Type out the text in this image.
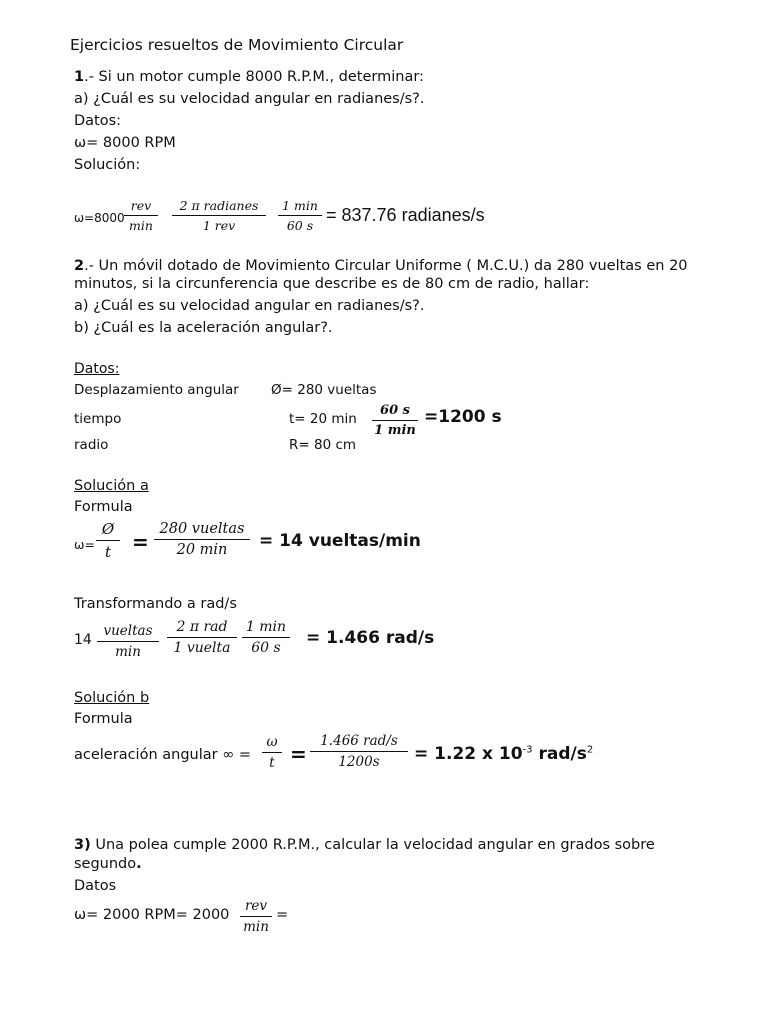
Ejercicios resueltos de Movimiento Circular
1.- Si un motor cumple 8000 R.P.M., determinar:
a) ¿Cuál es su velocidad angular en radianes/s?.
Datos:
ω= 8000 RPM
Solución:
ω=8000
rev
min
2 π radianes
1 rev
1 min
60 s
= 837.76 radianes/s
2.- Un móvil dotado de Movimiento Circular Uniforme ( M.C.U.) da 280 vueltas en 20
minutos, si la circunferencia que describe es de 80 cm de radio, hallar:
a) ¿Cuál es su velocidad angular en radianes/s?.
b) ¿Cuál es la aceleración angular?.
Datos:
Desplazamiento angular Ø= 280 vueltas
tiempo	t= 20 min
60 s
1 min
=1200 s
radio	R= 80 cm
Solución a
Formula
$\omega= \frac{Ø}{t}$ =
280 vueltas
20 min	= 14 vueltas/min
Transformando a rad/s
14
vueltas
min
2 π rad
1 vuelta
1 min
60 s	= 1.466 rad/s
Solución b
Formula
aceleración angular ∞ = $\frac{\omega}{t}$ =
1.466 rad/s
1200s	= 1.22 x $10^{-3}$ rad/$s^2$
3) Una polea cumple 2000 R.P.M., calcular la velocidad angular en grados sobre
segundo.
Datos
ω= 2000 RPM= 2000
rev
min
=
